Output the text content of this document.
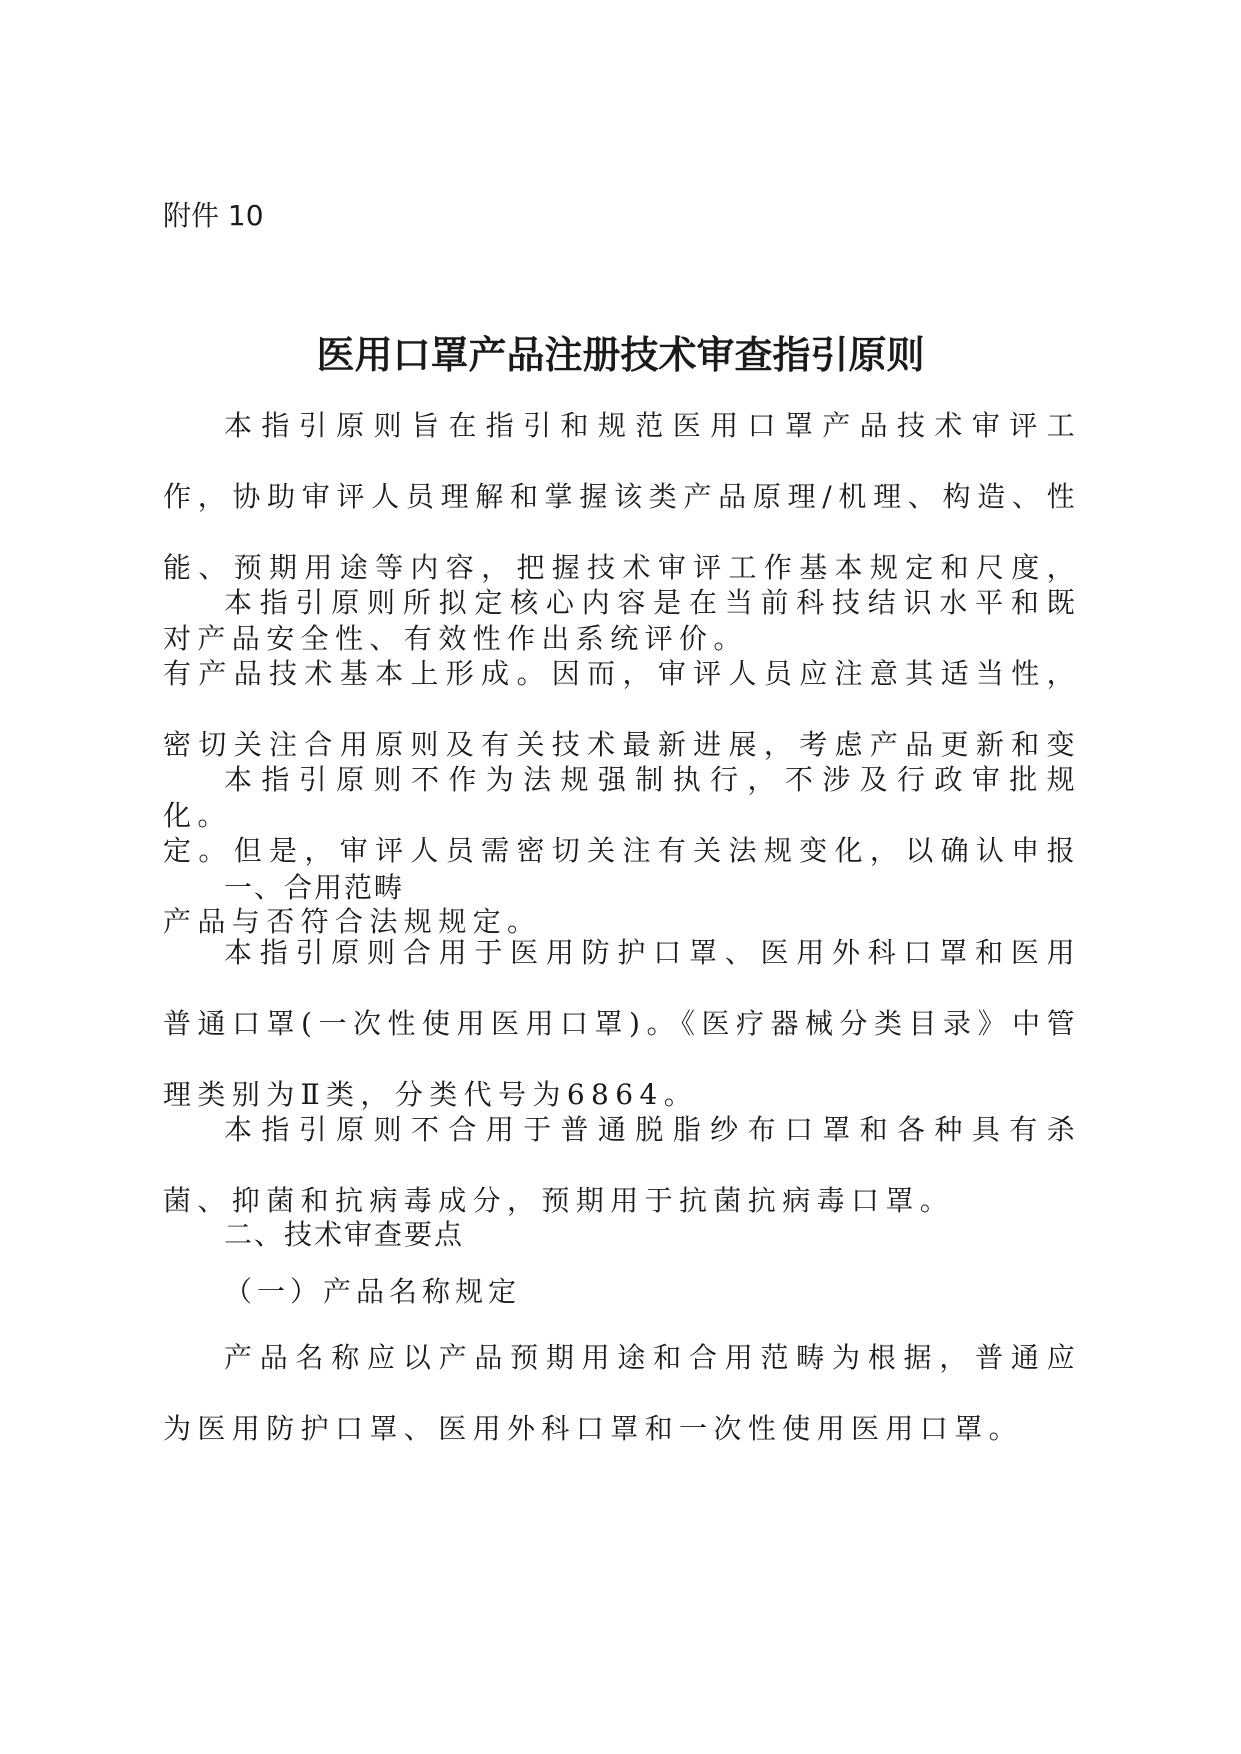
附件 10
医用口罩产品注册技术审查指引原则
本指引原则旨在指引和规范医用口罩产品技术审评工作，协助审评人员理解和掌握该类产品原理/机理、构造、性能、预期用途等内容，把握技术审评工作基本规定和尺度，对产品安全性、有效性作出系统评价。
本指引原则所拟定核心内容是在当前科技结识水平和既有产品技术基本上形成。因而，审评人员应注意其适当性，密切关注合用原则及有关技术最新进展，考虑产品更新和变化。
本指引原则不作为法规强制执行，不涉及行政审批规定。但是，审评人员需密切关注有关法规变化，以确认申报产品与否符合法规规定。
一、合用范畴
本指引原则合用于医用防护口罩、医用外科口罩和医用普通口罩(一次性使用医用口罩)。《医疗器械分类目录》中管理类别为Ⅱ类，分类代号为6864。
本指引原则不合用于普通脱脂纱布口罩和各种具有杀菌、抑菌和抗病毒成分，预期用于抗菌抗病毒口罩。
二、技术审查要点
（一）产品名称规定
产品名称应以产品预期用途和合用范畴为根据，普通应为医用防护口罩、医用外科口罩和一次性使用医用口罩。
